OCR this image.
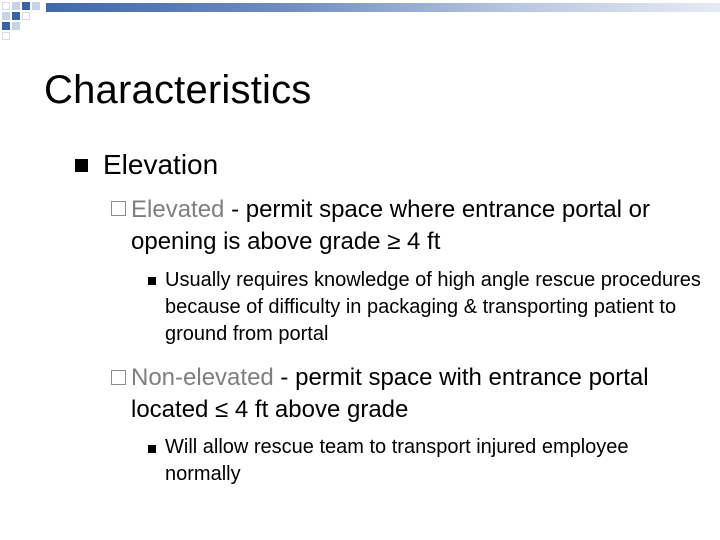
Characteristics
Elevation
Elevated - permit space where entrance portal or opening is above grade ≥ 4 ft
Usually requires knowledge of high angle rescue procedures because of difficulty in packaging & transporting patient to ground from portal
Non-elevated - permit space with entrance portal located ≤ 4 ft above grade
Will allow rescue team to transport injured employee normally
